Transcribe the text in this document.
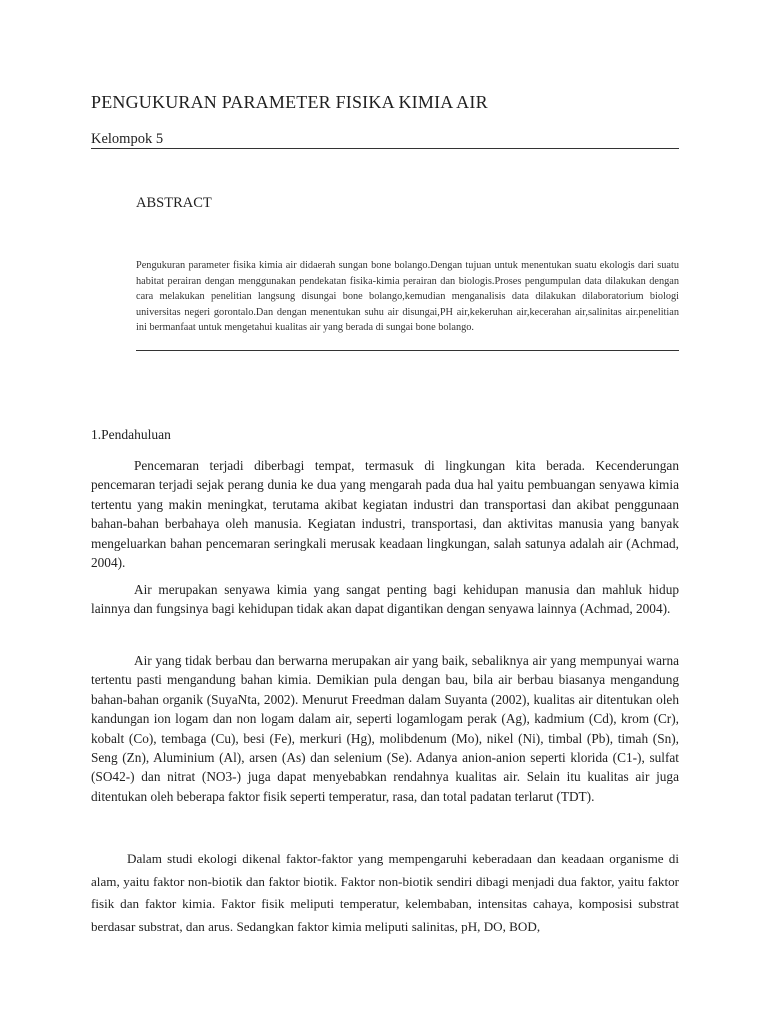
PENGUKURAN PARAMETER FISIKA KIMIA AIR
Kelompok 5
ABSTRACT
Pengukuran parameter fisika kimia air didaerah sungan bone bolango.Dengan tujuan untuk menentukan suatu ekologis dari suatu habitat perairan dengan menggunakan pendekatan fisika-kimia perairan dan biologis.Proses pengumpulan data dilakukan dengan cara melakukan penelitian langsung disungai bone bolango,kemudian menganalisis data dilakukan dilaboratorium biologi universitas negeri gorontalo.Dan dengan menentukan suhu air disungai,PH air,kekeruhan air,kecerahan air,salinitas air.penelitian ini bermanfaat untuk mengetahui kualitas air yang berada di sungai bone bolango.
1.Pendahuluan

Pencemaran terjadi diberbagi tempat, termasuk di lingkungan kita berada. Kecenderungan pencemaran terjadi sejak perang dunia ke dua yang mengarah pada dua hal yaitu pembuangan senyawa kimia tertentu yang makin meningkat, terutama akibat kegiatan industri dan transportasi dan akibat penggunaan bahan-bahan berbahaya oleh manusia. Kegiatan industri, transportasi, dan aktivitas manusia yang banyak mengeluarkan bahan pencemaran seringkali merusak keadaan lingkungan, salah satunya adalah air (Achmad, 2004).

Air merupakan senyawa kimia yang sangat penting bagi kehidupan manusia dan mahluk hidup lainnya dan fungsinya bagi kehidupan tidak akan dapat digantikan dengan senyawa lainnya (Achmad, 2004).

Air yang tidak berbau dan berwarna merupakan air yang baik, sebaliknya air yang mempunyai warna tertentu pasti mengandung bahan kimia. Demikian pula dengan bau, bila air berbau biasanya mengandung bahan-bahan organik (SuyaNta, 2002). Menurut Freedman dalam Suyanta (2002), kualitas air ditentukan oleh kandungan ion logam dan non logam dalam air, seperti logamlogam perak (Ag), kadmium (Cd), krom (Cr), kobalt (Co), tembaga (Cu), besi (Fe), merkuri (Hg), molibdenum (Mo), nikel (Ni), timbal (Pb), timah (Sn), Seng (Zn), Aluminium (Al), arsen (As) dan selenium (Se). Adanya anion-anion seperti klorida (C1-), sulfat (SO42-) dan nitrat (NO3-) juga dapat menyebabkan rendahnya kualitas air. Selain itu kualitas air juga ditentukan oleh beberapa faktor fisik seperti temperatur, rasa, dan total padatan terlarut (TDT).

Dalam studi ekologi dikenal faktor-faktor yang mempengaruhi keberadaan dan keadaan organisme di alam, yaitu faktor non-biotik dan faktor biotik. Faktor non-biotik sendiri dibagi menjadi dua faktor, yaitu faktor fisik dan faktor kimia. Faktor fisik meliputi temperatur, kelembaban, intensitas cahaya, komposisi substrat berdasar substrat, dan arus. Sedangkan faktor kimia meliputi salinitas, pH, DO, BOD,
